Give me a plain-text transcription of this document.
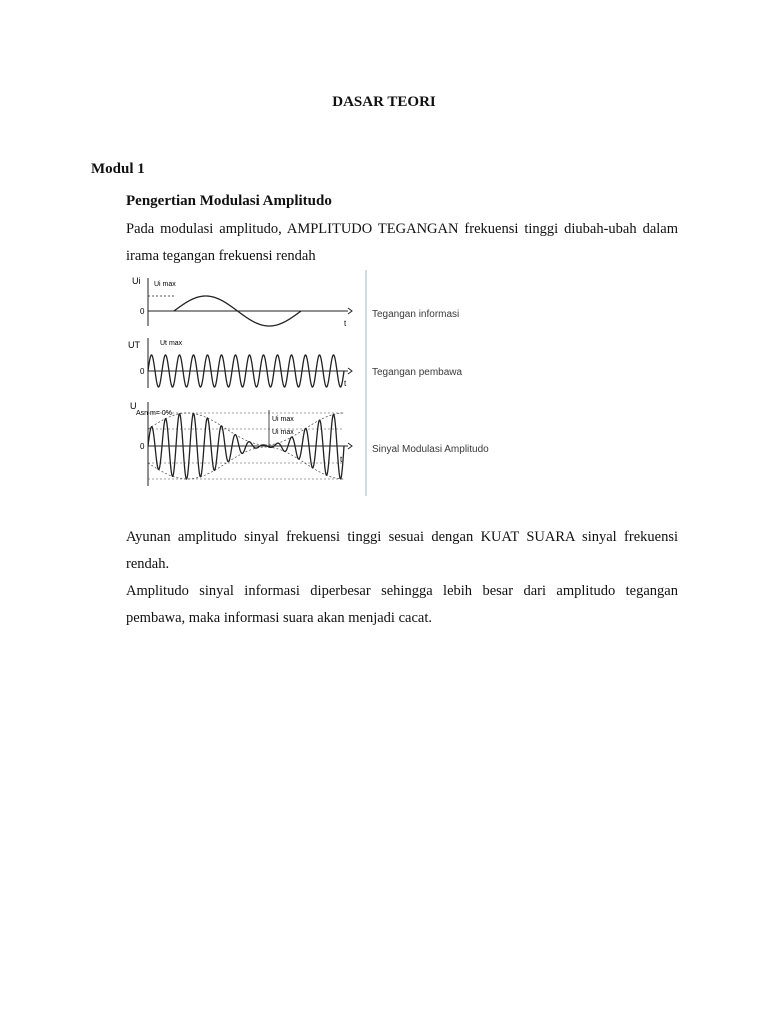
DASAR TEORI
Modul 1
Pengertian Modulasi Amplitudo
Pada modulasi amplitudo, AMPLITUDO TEGANGAN frekuensi tinggi diubah-ubah dalam irama tegangan frekuensi rendah
Ui Ui max
0
t
Tegangan informasi
UT	Ut max
0
t
Tegangan pembawa
U
Asn m= 0%
Ui max
Ui max
0
t
Sinyal Modulasi Amplitudo
Ayunan amplitudo sinyal frekuensi tinggi sesuai dengan KUAT SUARA sinyal frekuensi rendah.
Amplitudo sinyal informasi diperbesar sehingga lebih besar dari amplitudo tegangan pembawa, maka informasi suara akan menjadi cacat.
